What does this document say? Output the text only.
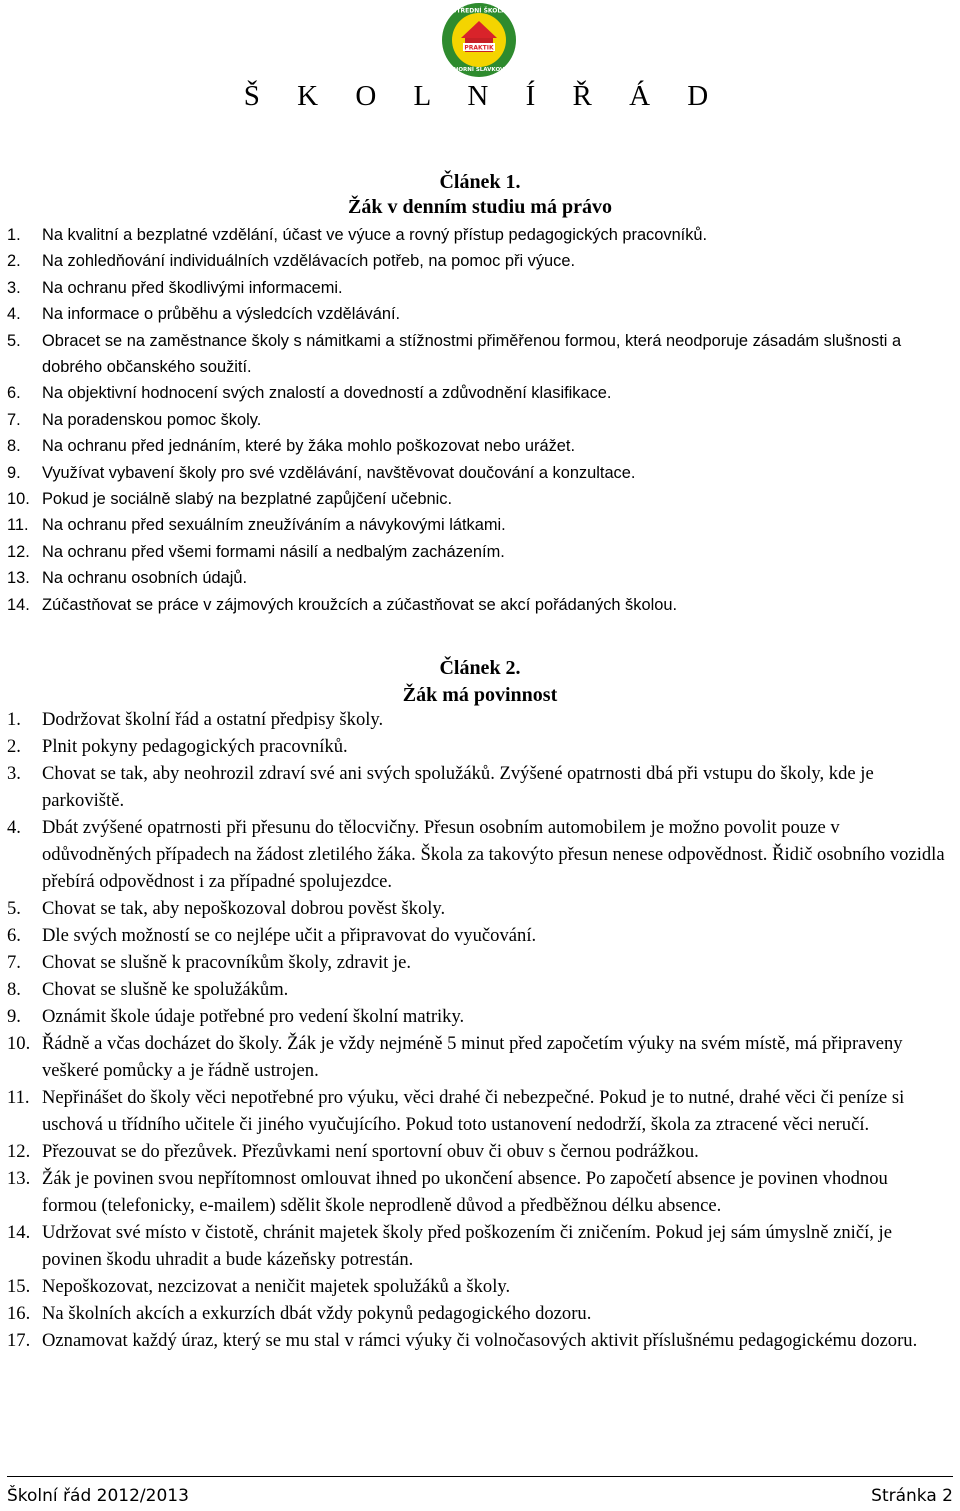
PRAKTIK
STŘEDNÍ ŠKOLA
HORNÍ SLAVKOV
Š K O L N Í Ř Á D
Článek 1.
Žák v denním studiu má právo
1. Na kvalitní a bezplatné vzdělání, účast ve výuce a rovný přístup pedagogických pracovníků.
2. Na zohledňování individuálních vzdělávacích potřeb, na pomoc při výuce.
3. Na ochranu před škodlivými informacemi.
4. Na informace o průběhu a výsledcích vzdělávání.
5. Obracet se na zaměstnance školy s námitkami a stížnostmi přiměřenou formou, která neodporuje zásadám slušnosti a dobrého občanského soužití.
6. Na objektivní hodnocení svých znalostí a dovedností a zdůvodnění klasifikace.
7. Na poradenskou pomoc školy.
8. Na ochranu před jednáním, které by žáka mohlo poškozovat nebo urážet.
9. Využívat vybavení školy pro své vzdělávání, navštěvovat doučování a konzultace.
10. Pokud je sociálně slabý na bezplatné zapůjčení učebnic.
11. Na ochranu před sexuálním zneužíváním a návykovými látkami.
12. Na ochranu před všemi formami násilí a nedbalým zacházením.
13. Na ochranu osobních údajů.
14. Zúčastňovat se práce v zájmových kroužcích a zúčastňovat se akcí pořádaných školou.
Článek 2.
Žák má povinnost
1. Dodržovat školní řád a ostatní předpisy školy.
2. Plnit pokyny pedagogických pracovníků.
3. Chovat se tak, aby neohrozil zdraví své ani svých spolužáků. Zvýšené opatrnosti dbá při vstupu do školy, kde je parkoviště.
4. Dbát zvýšené opatrnosti při přesunu do tělocvičny. Přesun osobním automobilem je možno povolit pouze v odůvodněných případech na žádost zletilého žáka. Škola za takovýto přesun nenese odpovědnost. Řidič osobního vozidla přebírá odpovědnost i za případné spolujezdce.
5. Chovat se tak, aby nepoškozoval dobrou pověst školy.
6. Dle svých možností se co nejlépe učit a připravovat do vyučování.
7. Chovat se slušně k pracovníkům školy, zdravit je.
8. Chovat se slušně ke spolužákům.
9. Oznámit škole údaje potřebné pro vedení školní matriky.
10. Řádně a včas docházet do školy. Žák je vždy nejméně 5 minut před započetím výuky na svém místě, má připraveny veškeré pomůcky a je řádně ustrojen.
11. Nepřinášet do školy věci nepotřebné pro výuku, věci drahé či nebezpečné. Pokud je to nutné, drahé věci či peníze si uschová u třídního učitele či jiného vyučujícího. Pokud toto ustanovení nedodrží, škola za ztracené věci neručí.
12. Přezouvat se do přezůvek. Přezůvkami není sportovní obuv či obuv s černou podrážkou.
13. Žák je povinen svou nepřítomnost omlouvat ihned po ukončení absence. Po započetí absence je povinen vhodnou formou (telefonicky, e-mailem) sdělit škole neprodleně důvod a předběžnou délku absence.
14. Udržovat své místo v čistotě, chránit majetek školy před poškozením či zničením. Pokud jej sám úmyslně zničí, je povinen škodu uhradit a bude kázeňsky potrestán.
15. Nepoškozovat, nezcizovat a neničit majetek spolužáků a školy.
16. Na školních akcích a exkurzích dbát vždy pokynů pedagogického dozoru.
17. Oznamovat každý úraz, který se mu stal v rámci výuky či volnočasových aktivit příslušnému pedagogickému dozoru.
Školní řád 2012/2013	Stránka 2
